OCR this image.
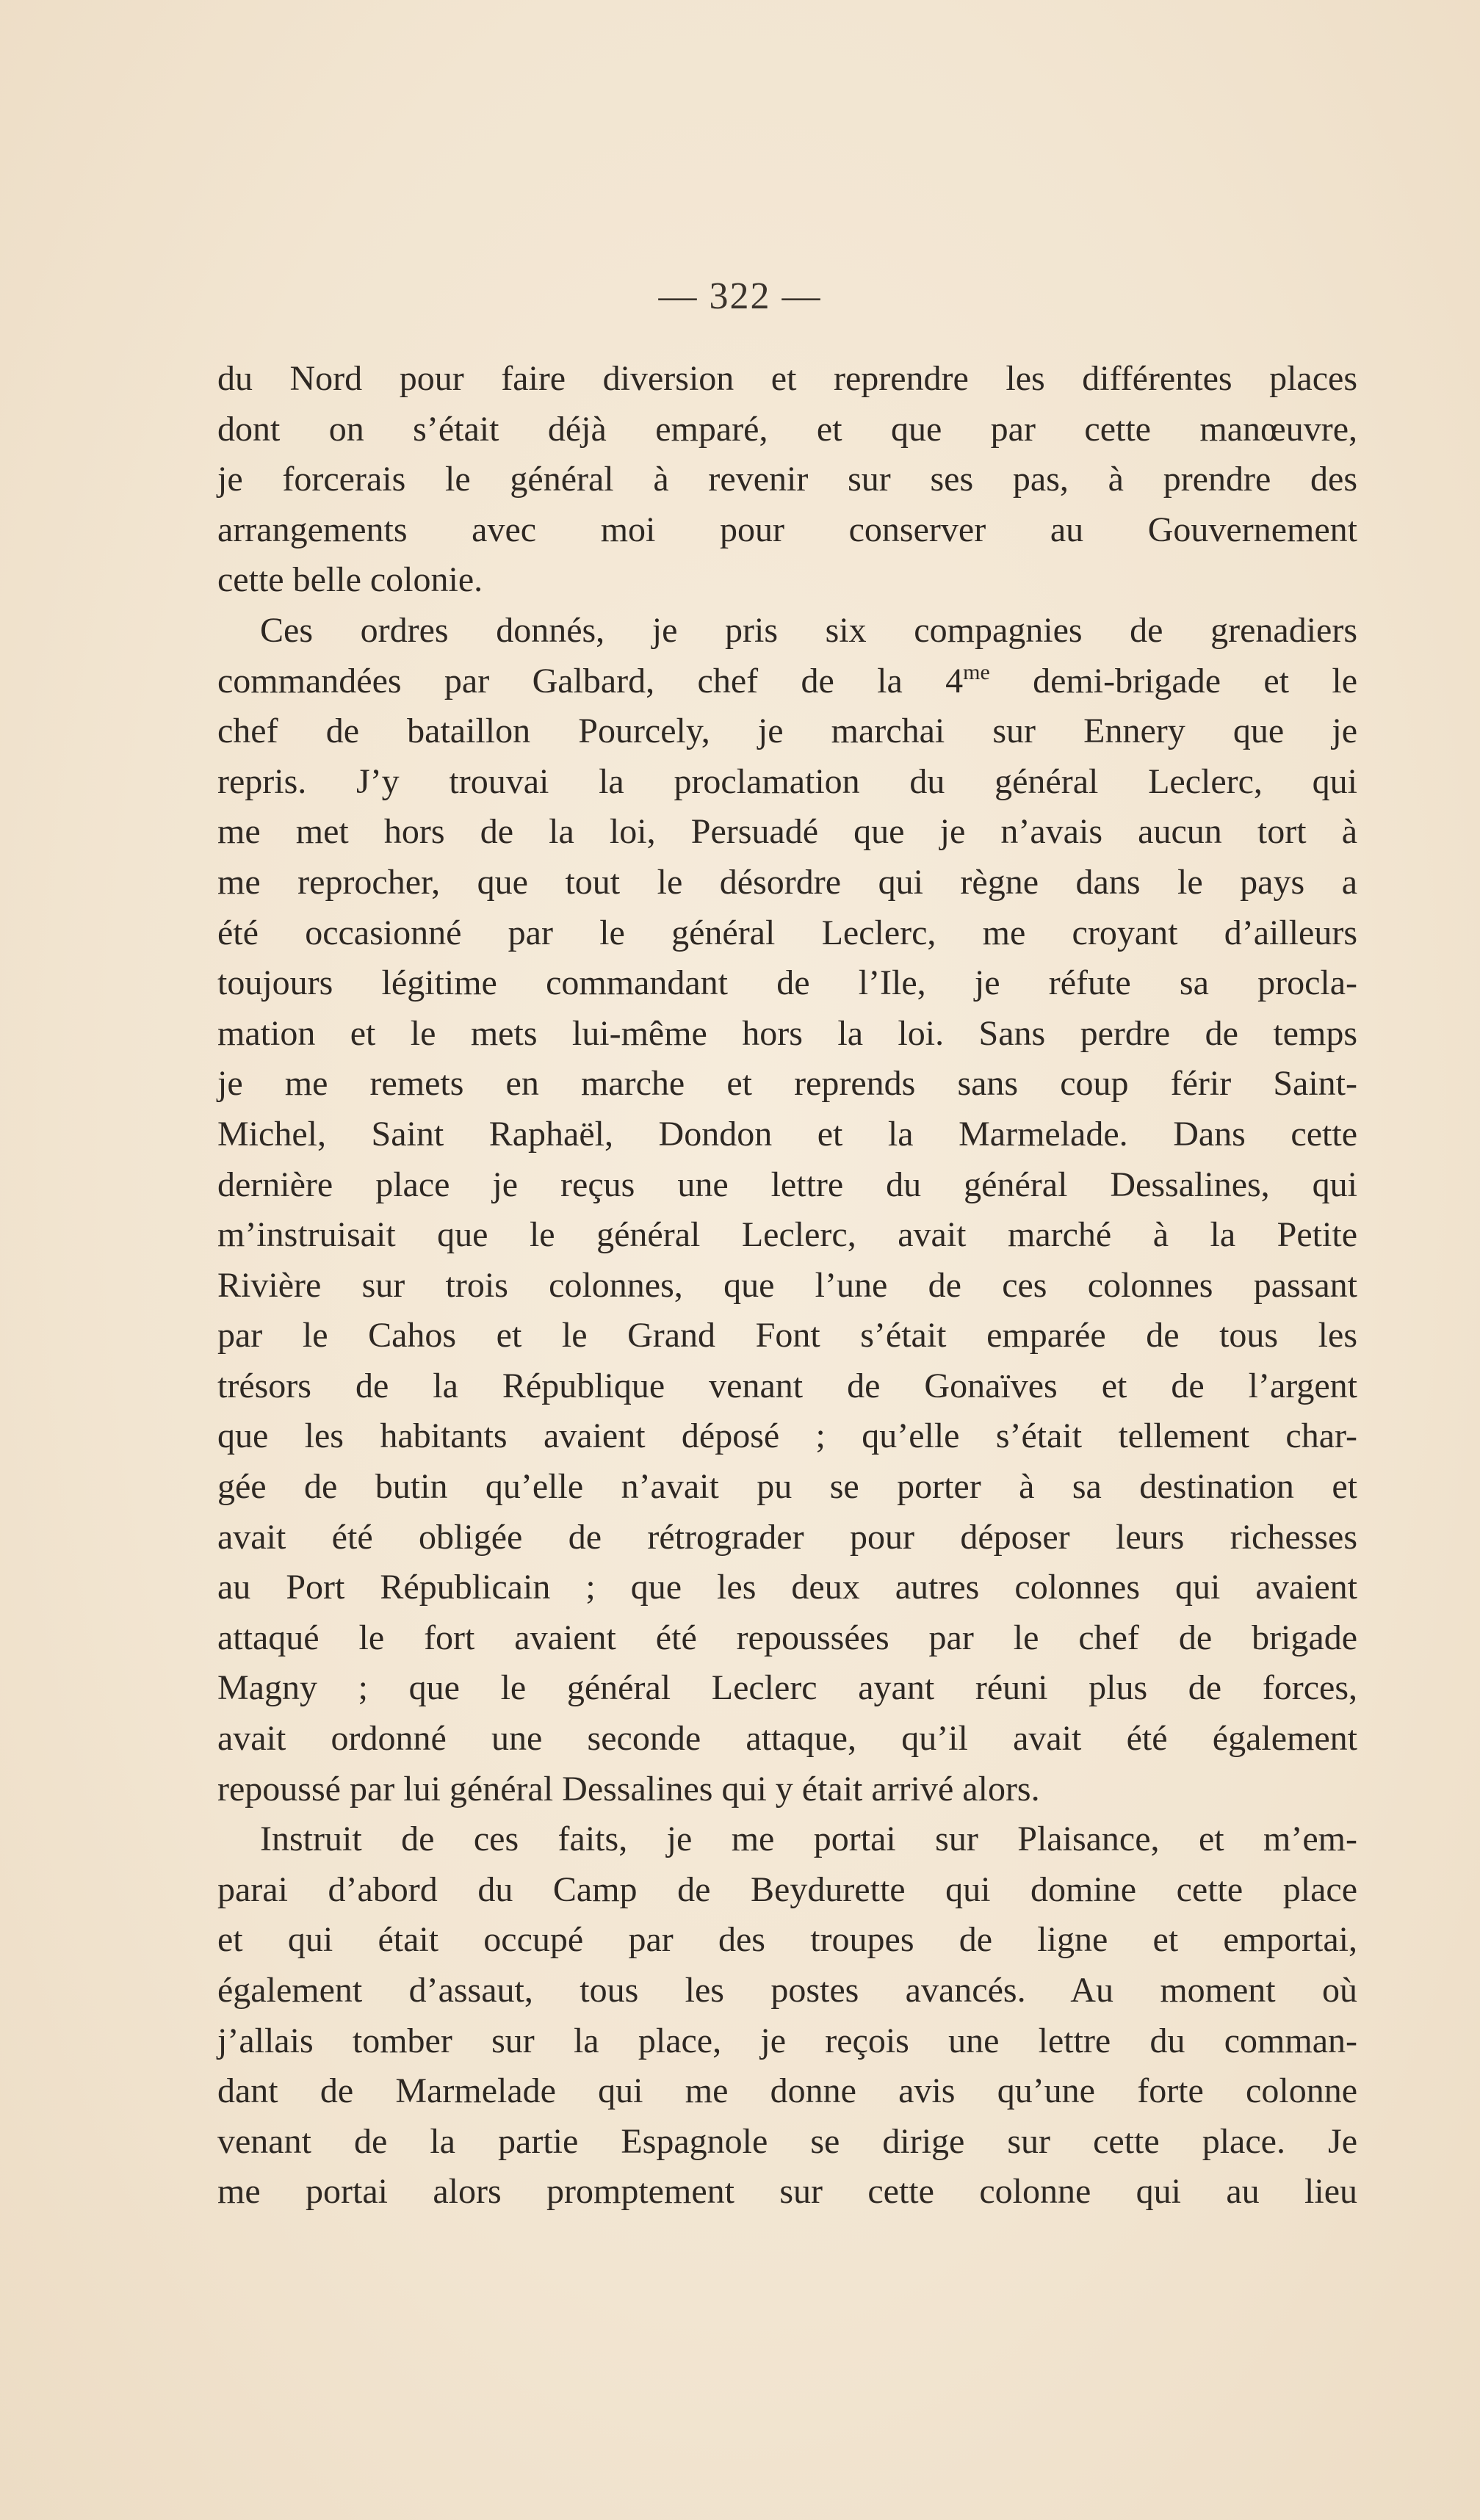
— 322 —
du Nord pour faire diversion et reprendre les différentes places
dont on s’était déjà emparé, et que par cette manœuvre,
je forcerais le général à revenir sur ses pas, à prendre des
arrangements avec moi pour conserver au Gouvernement
cette belle colonie.
Ces ordres donnés, je pris six compagnies de grenadiers
commandées par Galbard, chef de la $4^{me}$ demi-brigade et le
chef de bataillon Pourcely, je marchai sur Ennery que je
repris. J’y trouvai la proclamation du général Leclerc, qui
me met hors de la loi, Persuadé que je n’avais aucun tort à
me reprocher, que tout le désordre qui règne dans le pays a
été occasionné par le général Leclerc, me croyant d’ailleurs
toujours légitime commandant de l’Ile, je réfute sa procla-
mation et le mets lui-même hors la loi. Sans perdre de temps
je me remets en marche et reprends sans coup férir Saint-
Michel, Saint Raphaël, Dondon et la Marmelade. Dans cette
dernière place je reçus une lettre du général Dessalines, qui
m’instruisait que le général Leclerc, avait marché à la Petite
Rivière sur trois colonnes, que l’une de ces colonnes passant
par le Cahos et le Grand Font s’était emparée de tous les
trésors de la République venant de Gonaïves et de l’argent
que les habitants avaient déposé ; qu’elle s’était tellement char-
gée de butin qu’elle n’avait pu se porter à sa destination et
avait été obligée de rétrograder pour déposer leurs richesses
au Port Républicain ; que les deux autres colonnes qui avaient
attaqué le fort avaient été repoussées par le chef de brigade
Magny ; que le général Leclerc ayant réuni plus de forces,
avait ordonné une seconde attaque, qu’il avait été également
repoussé par lui général Dessalines qui y était arrivé alors.
Instruit de ces faits, je me portai sur Plaisance, et m’em-
parai d’abord du Camp de Beydurette qui domine cette place
et qui était occupé par des troupes de ligne et emportai,
également d’assaut, tous les postes avancés. Au moment où
j’allais tomber sur la place, je reçois une lettre du comman-
dant de Marmelade qui me donne avis qu’une forte colonne
venant de la partie Espagnole se dirige sur cette place. Je
me portai alors promptement sur cette colonne qui au lieu
